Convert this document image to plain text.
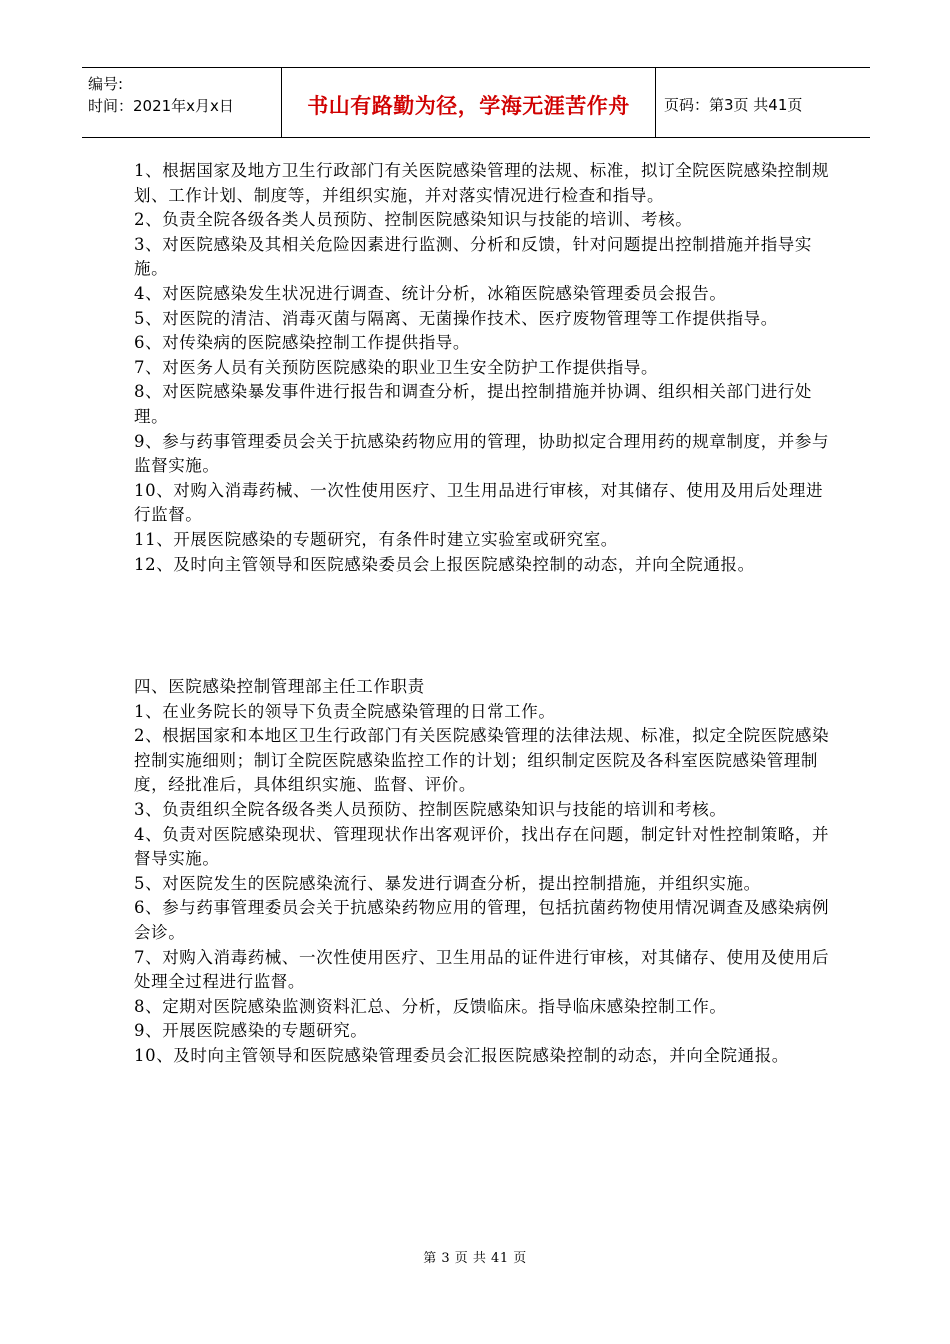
编号:
时间：2021年x月x日	书山有路勤为径，学海无涯苦作舟	页码：第3页 共41页

1、根据国家及地方卫生行政部门有关医院感染管理的法规、标准，拟订全院医院感染控制规划、工作计划、制度等，并组织实施，并对落实情况进行检查和指导。

2、负责全院各级各类人员预防、控制医院感染知识与技能的培训、考核。

3、对医院感染及其相关危险因素进行监测、分析和反馈，针对问题提出控制措施并指导实施。

4、对医院感染发生状况进行调查、统计分析，冰箱医院感染管理委员会报告。

5、对医院的清洁、消毒灭菌与隔离、无菌操作技术、医疗废物管理等工作提供指导。

6、对传染病的医院感染控制工作提供指导。

7、对医务人员有关预防医院感染的职业卫生安全防护工作提供指导。

8、对医院感染暴发事件进行报告和调查分析，提出控制措施并协调、组织相关部门进行处理。

9、参与药事管理委员会关于抗感染药物应用的管理，协助拟定合理用药的规章制度，并参与监督实施。

10、对购入消毒药械、一次性使用医疗、卫生用品进行审核，对其储存、使用及用后处理进行监督。

11、开展医院感染的专题研究，有条件时建立实验室或研究室。

12、及时向主管领导和医院感染委员会上报医院感染控制的动态，并向全院通报。

四、医院感染控制管理部主任工作职责

1、在业务院长的领导下负责全院感染管理的日常工作。

2、根据国家和本地区卫生行政部门有关医院感染管理的法律法规、标准，拟定全院医院感染控制实施细则；制订全院医院感染监控工作的计划；组织制定医院及各科室医院感染管理制度，经批准后，具体组织实施、监督、评价。

3、负责组织全院各级各类人员预防、控制医院感染知识与技能的培训和考核。

4、负责对医院感染现状、管理现状作出客观评价，找出存在问题，制定针对性控制策略，并督导实施。

5、对医院发生的医院感染流行、暴发进行调查分析，提出控制措施，并组织实施。

6、参与药事管理委员会关于抗感染药物应用的管理，包括抗菌药物使用情况调查及感染病例会诊。

7、对购入消毒药械、一次性使用医疗、卫生用品的证件进行审核，对其储存、使用及使用后处理全过程进行监督。

8、定期对医院感染监测资料汇总、分析，反馈临床。指导临床感染控制工作。

9、开展医院感染的专题研究。

10、及时向主管领导和医院感染管理委员会汇报医院感染控制的动态，并向全院通报。

第 3 页 共 41 页
